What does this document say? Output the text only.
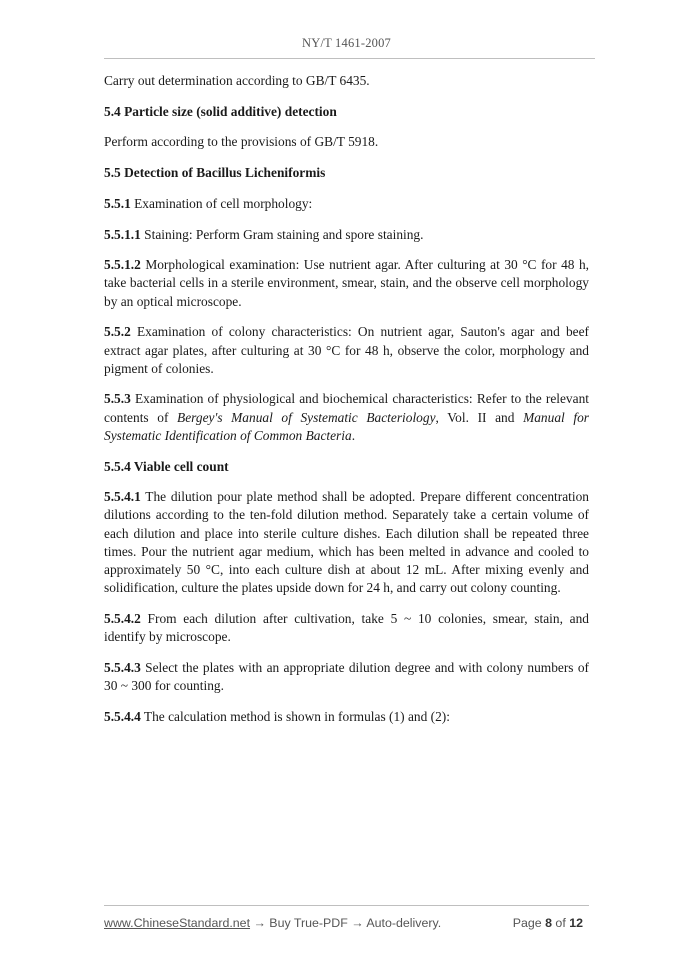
NY/T 1461-2007

Carry out determination according to GB/T 6435.

5.4 Particle size (solid additive) detection

Perform according to the provisions of GB/T 5918.

5.5 Detection of Bacillus Licheniformis

5.5.1 Examination of cell morphology:

5.5.1.1 Staining: Perform Gram staining and spore staining.

5.5.1.2 Morphological examination: Use nutrient agar. After culturing at 30 °C for 48 h, take bacterial cells in a sterile environment, smear, stain, and the observe cell morphology by an optical microscope.

5.5.2 Examination of colony characteristics: On nutrient agar, Sauton's agar and beef extract agar plates, after culturing at 30 °C for 48 h, observe the color, morphology and pigment of colonies.

5.5.3 Examination of physiological and biochemical characteristics: Refer to the relevant contents of Bergey's Manual of Systematic Bacteriology, Vol. II and Manual for Systematic Identification of Common Bacteria.

5.5.4 Viable cell count

5.5.4.1 The dilution pour plate method shall be adopted. Prepare different concentration dilutions according to the ten-fold dilution method. Separately take a certain volume of each dilution and place into sterile culture dishes. Each dilution shall be repeated three times. Pour the nutrient agar medium, which has been melted in advance and cooled to approximately 50 °C, into each culture dish at about 12 mL. After mixing evenly and solidification, culture the plates upside down for 24 h, and carry out colony counting.

5.5.4.2 From each dilution after cultivation, take 5 ~ 10 colonies, smear, stain, and identify by microscope.

5.5.4.3 Select the plates with an appropriate dilution degree and with colony numbers of 30 ~ 300 for counting.

5.5.4.4 The calculation method is shown in formulas (1) and (2):

www.ChineseStandard.net → Buy True-PDF → Auto-delivery.	Page 8 of 12
